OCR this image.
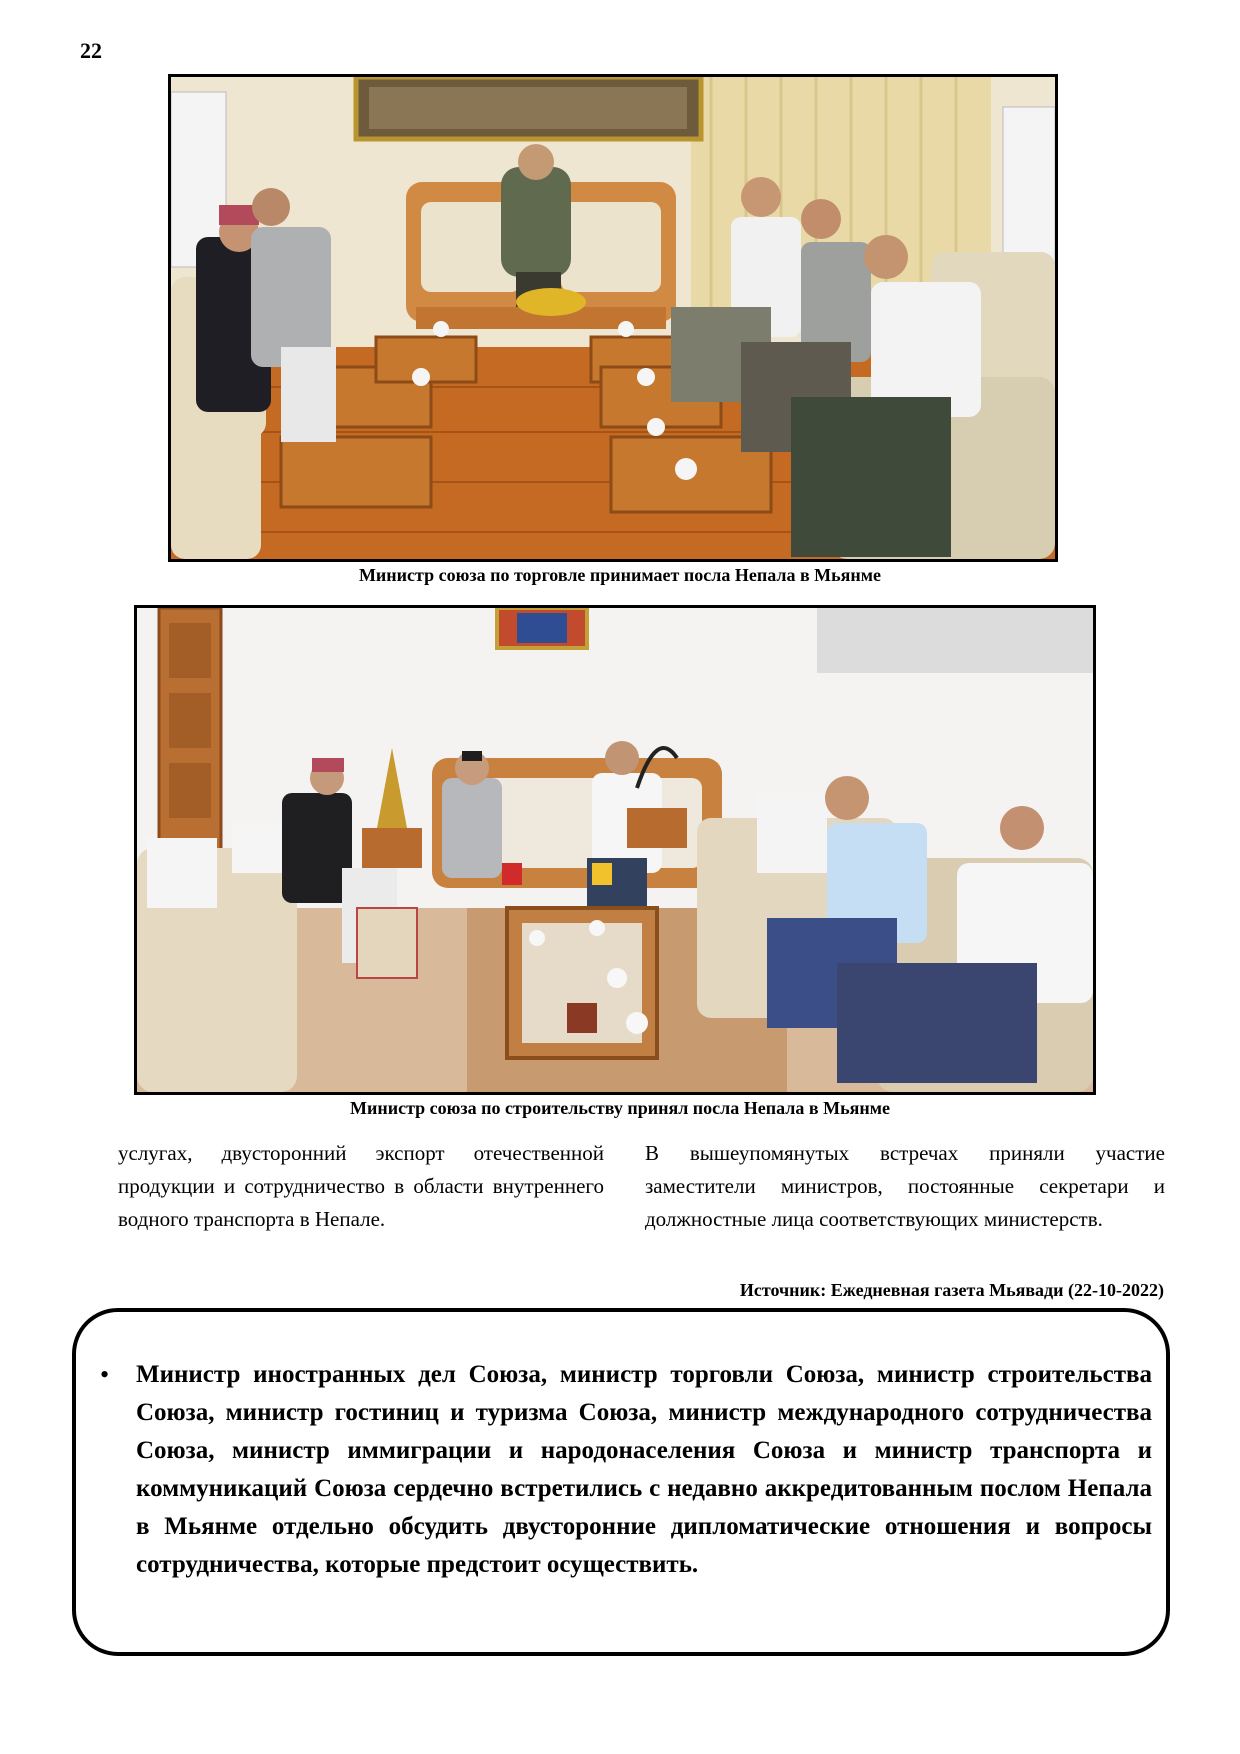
22
Министр союза по торговле принимает посла Непала в Мьянме
Министр союза по строительству принял посла Непала в Мьянме
услугах, двусторонний экспорт отечественной продукции и сотрудничество в области внутреннего водного транспорта в Непале.
В вышеупомянутых встречах приняли участие заместители министров, постоянные секретари и должностные лица соответствующих министерств.
Источник: Ежедневная газета Мьявади (22-10-2022)
• Министр иностранных дел Союза, министр торговли Союза, министр строительства Союза, министр гостиниц и туризма Союза, министр международного сотрудничества Союза, министр иммиграции и народонаселения Союза и министр транспорта и коммуникаций Союза сердечно встретились с недавно аккредитованным послом Непала в Мьянме отдельно обсудить двусторонние дипломатические отношения и вопросы сотрудничества, которые предстоит осуществить.
